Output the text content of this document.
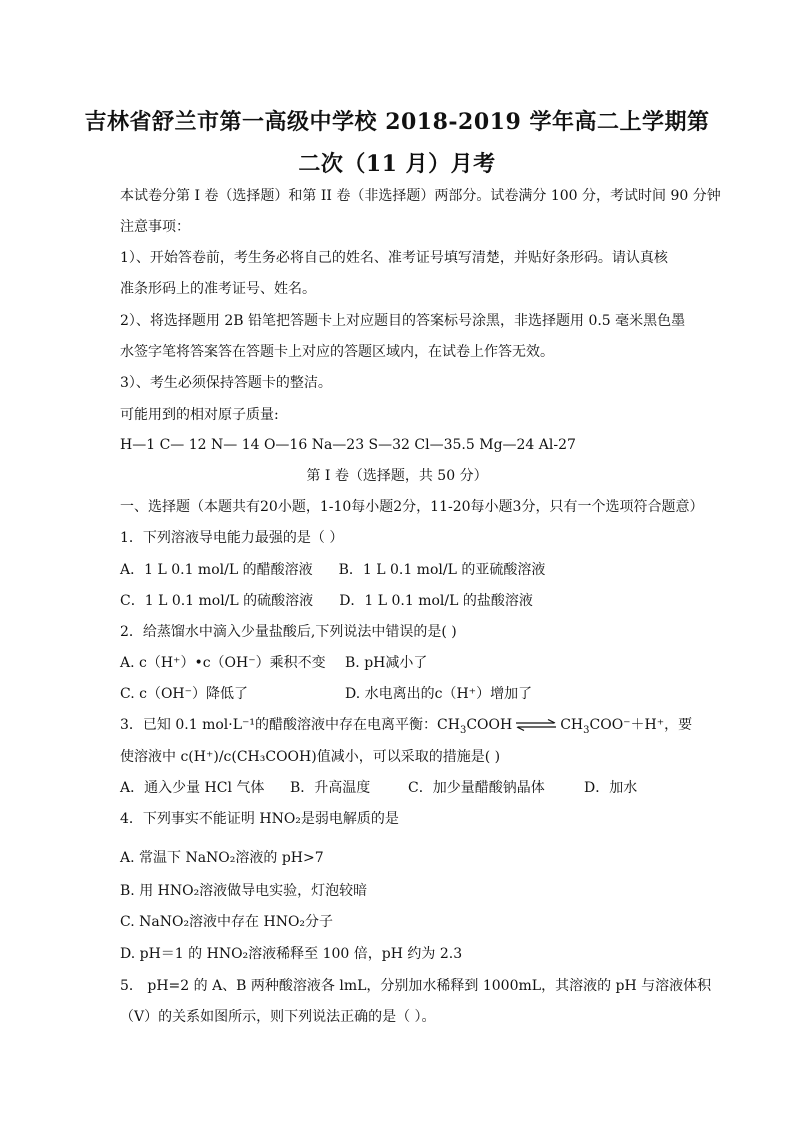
吉林省舒兰市第一高级中学校 2018-2019 学年高二上学期第
二次（11 月）月考
本试卷分第 I 卷（选择题）和第 II 卷（非选择题）两部分。试卷满分 100 分，考试时间 90 分钟
注意事项：
1）、开始答卷前，考生务必将自己的姓名、准考证号填写清楚，并贴好条形码。请认真核
准条形码上的准考证号、姓名。
2）、将选择题用 2B 铅笔把答题卡上对应题目的答案标号涂黑，非选择题用 0.5 毫米黑色墨
水签字笔将答案答在答题卡上对应的答题区域内，在试卷上作答无效。
3）、考生必须保持答题卡的整洁。
可能用到的相对原子质量:
H—1 C— 12 N— 14 O—16 Na—23 S—32 Cl—35.5 Mg—24 Al-27
第 I 卷（选择题，共 50 分）
一、选择题（本题共有20小题，1-10每小题2分，11-20每小题3分，只有一个选项符合题意）
1．下列溶液导电能力最强的是（ ）
A．1 L 0.1 mol/L 的醋酸溶液 B．1 L 0.1 mol/L 的亚硫酸溶液
C．1 L 0.1 mol/L 的硫酸溶液 D．1 L 0.1 mol/L 的盐酸溶液
2．给蒸馏水中滴入少量盐酸后,下列说法中错误的是( )
A. c（H⁺）•c（OH⁻）乘积不变 B. pH减小了
C. c（OH⁻）降低了	D. 水电离出的c（H⁺）增加了
3．已知 0.1 mol·L⁻¹的醋酸溶液中存在电离平衡：$CH_3COOH$ ⇌ $CH_3COO^-+H^+$，要
使溶液中 c(H⁺)/c(CH₃COOH)值减小，可以采取的措施是( )
A．通入少量 HCl 气体 B．升高温度	C．加少量醋酸钠晶体	D．加水
4．下列事实不能证明 HNO₂是弱电解质的是
A. 常温下 NaNO₂溶液的 pH>7
B. 用 HNO₂溶液做导电实验，灯泡较暗
C. NaNO₂溶液中存在 HNO₂分子
D. pH＝1 的 HNO₂溶液稀释至 100 倍，pH 约为 2.3
5． pH=2 的 A、B 两种酸溶液各 lmL，分别加水稀释到 1000mL，其溶液的 pH 与溶液体积
（V）的关系如图所示，则下列说法正确的是（ ）。
